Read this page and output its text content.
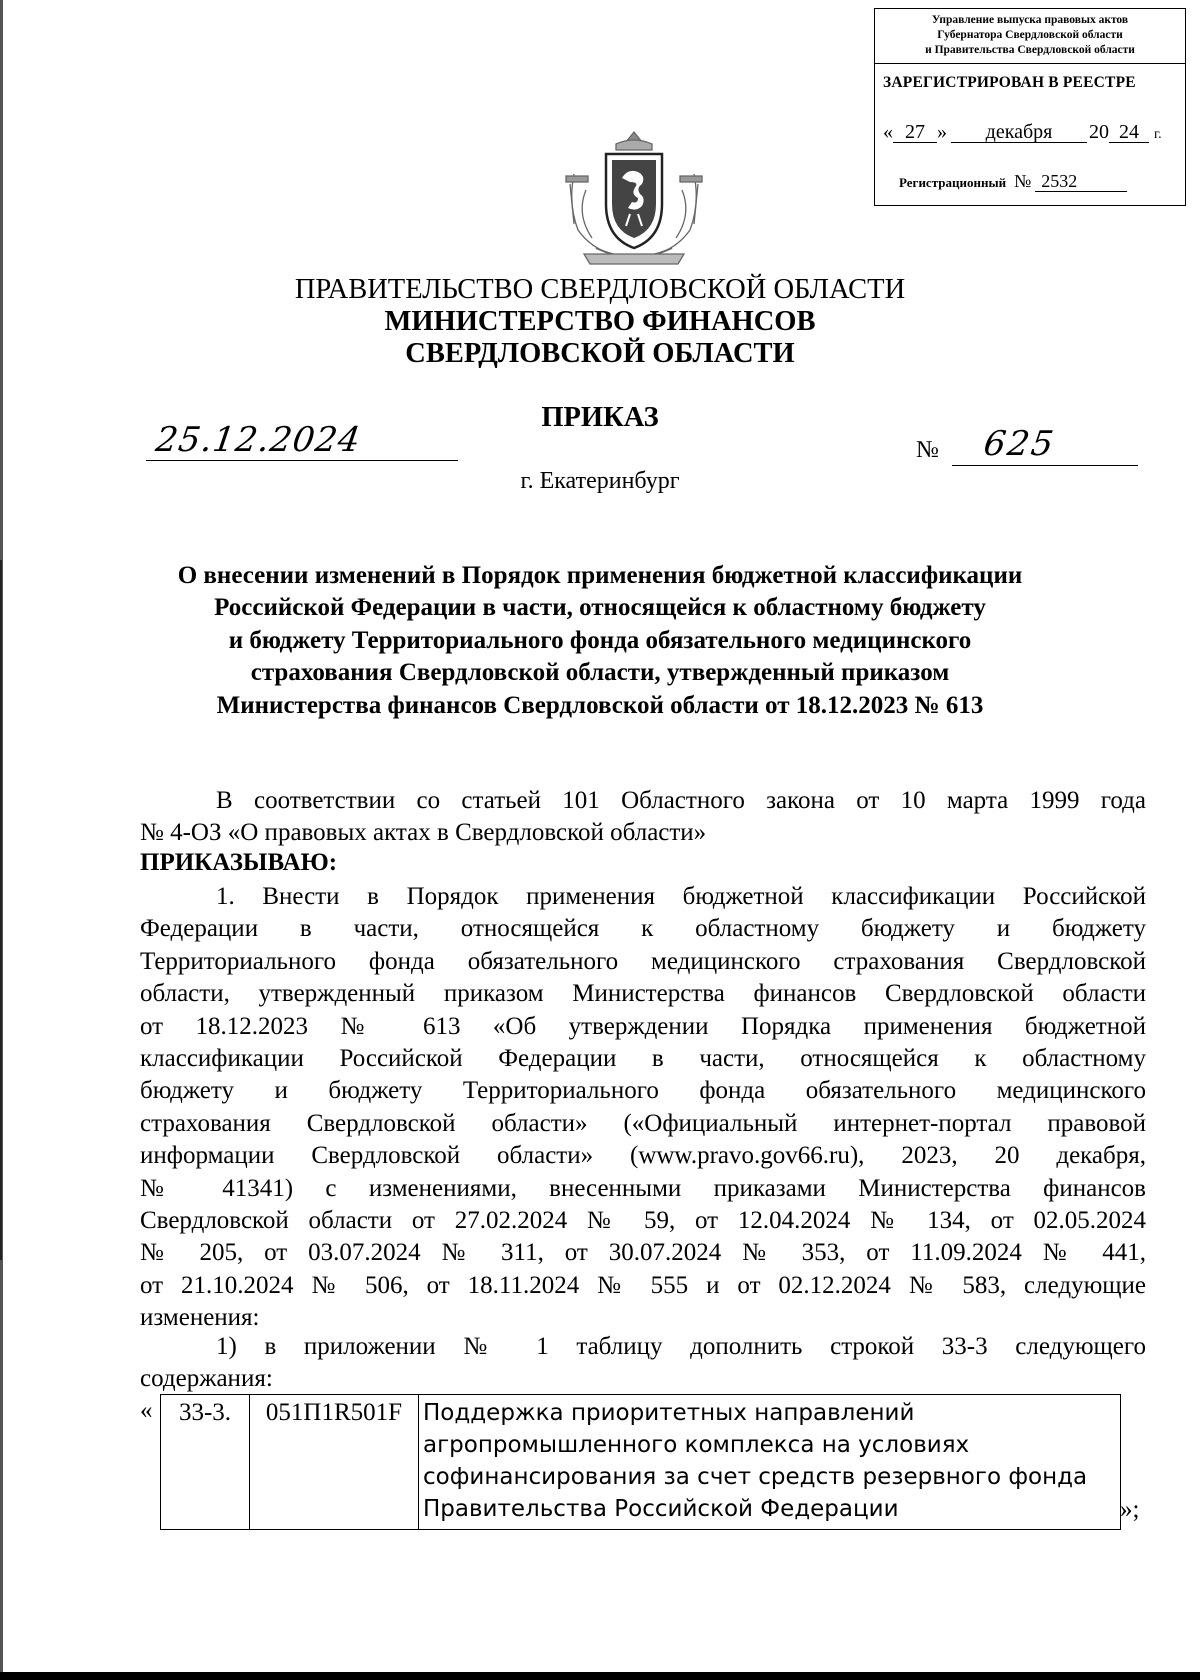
Управление выпуска правовых актов
Губернатора Свердловской области
и Правительства Свердловской области
ЗАРЕГИСТРИРОВАН В РЕЕСТРЕ
« 27 » декабря 20 24 г.
Регистрационный № 2532
ПРАВИТЕЛЬСТВО СВЕРДЛОВСКОЙ ОБЛАСТИ
МИНИСТЕРСТВО ФИНАНСОВ
СВЕРДЛОВСКОЙ ОБЛАСТИ
ПРИКАЗ
25.12.2024	№ 625
г. Екатеринбург
О внесении изменений в Порядок применения бюджетной классификации
Российской Федерации в части, относящейся к областному бюджету
и бюджету Территориального фонда обязательного медицинского
страхования Свердловской области, утвержденный приказом
Министерства финансов Свердловской области от 18.12.2023 № 613
В соответствии со статьей 101 Областного закона от 10 марта 1999 года
№ 4-ОЗ «О правовых актах в Свердловской области»
ПРИКАЗЫВАЮ:
1. Внести в Порядок применения бюджетной классификации Российской
Федерации в части, относящейся к областному бюджету и бюджету
Территориального фонда обязательного медицинского страхования Свердловской
области, утвержденный приказом Министерства финансов Свердловской области
от 18.12.2023 № 613 «Об утверждении Порядка применения бюджетной
классификации Российской Федерации в части, относящейся к областному
бюджету и бюджету Территориального фонда обязательного медицинского
страхования Свердловской области» («Официальный интернет-портал правовой
информации Свердловской области» (www.pravo.gov66.ru), 2023, 20 декабря,
№ 41341) с изменениями, внесенными приказами Министерства финансов
Свердловской области от 27.02.2024 № 59, от 12.04.2024 № 134, от 02.05.2024
№ 205, от 03.07.2024 № 311, от 30.07.2024 № 353, от 11.09.2024 № 441,
от 21.10.2024 № 506, от 18.11.2024 № 555 и от 02.12.2024 № 583, следующие
изменения:
1) в приложении № 1 таблицу дополнить строкой 33-3 следующего
содержания:
« 33-3.	051П1R501F	Поддержка приоритетных направлений
агропромышленного комплекса на условиях
софинансирования за счет средств резервного фонда
Правительства Российской Федерации	»;
